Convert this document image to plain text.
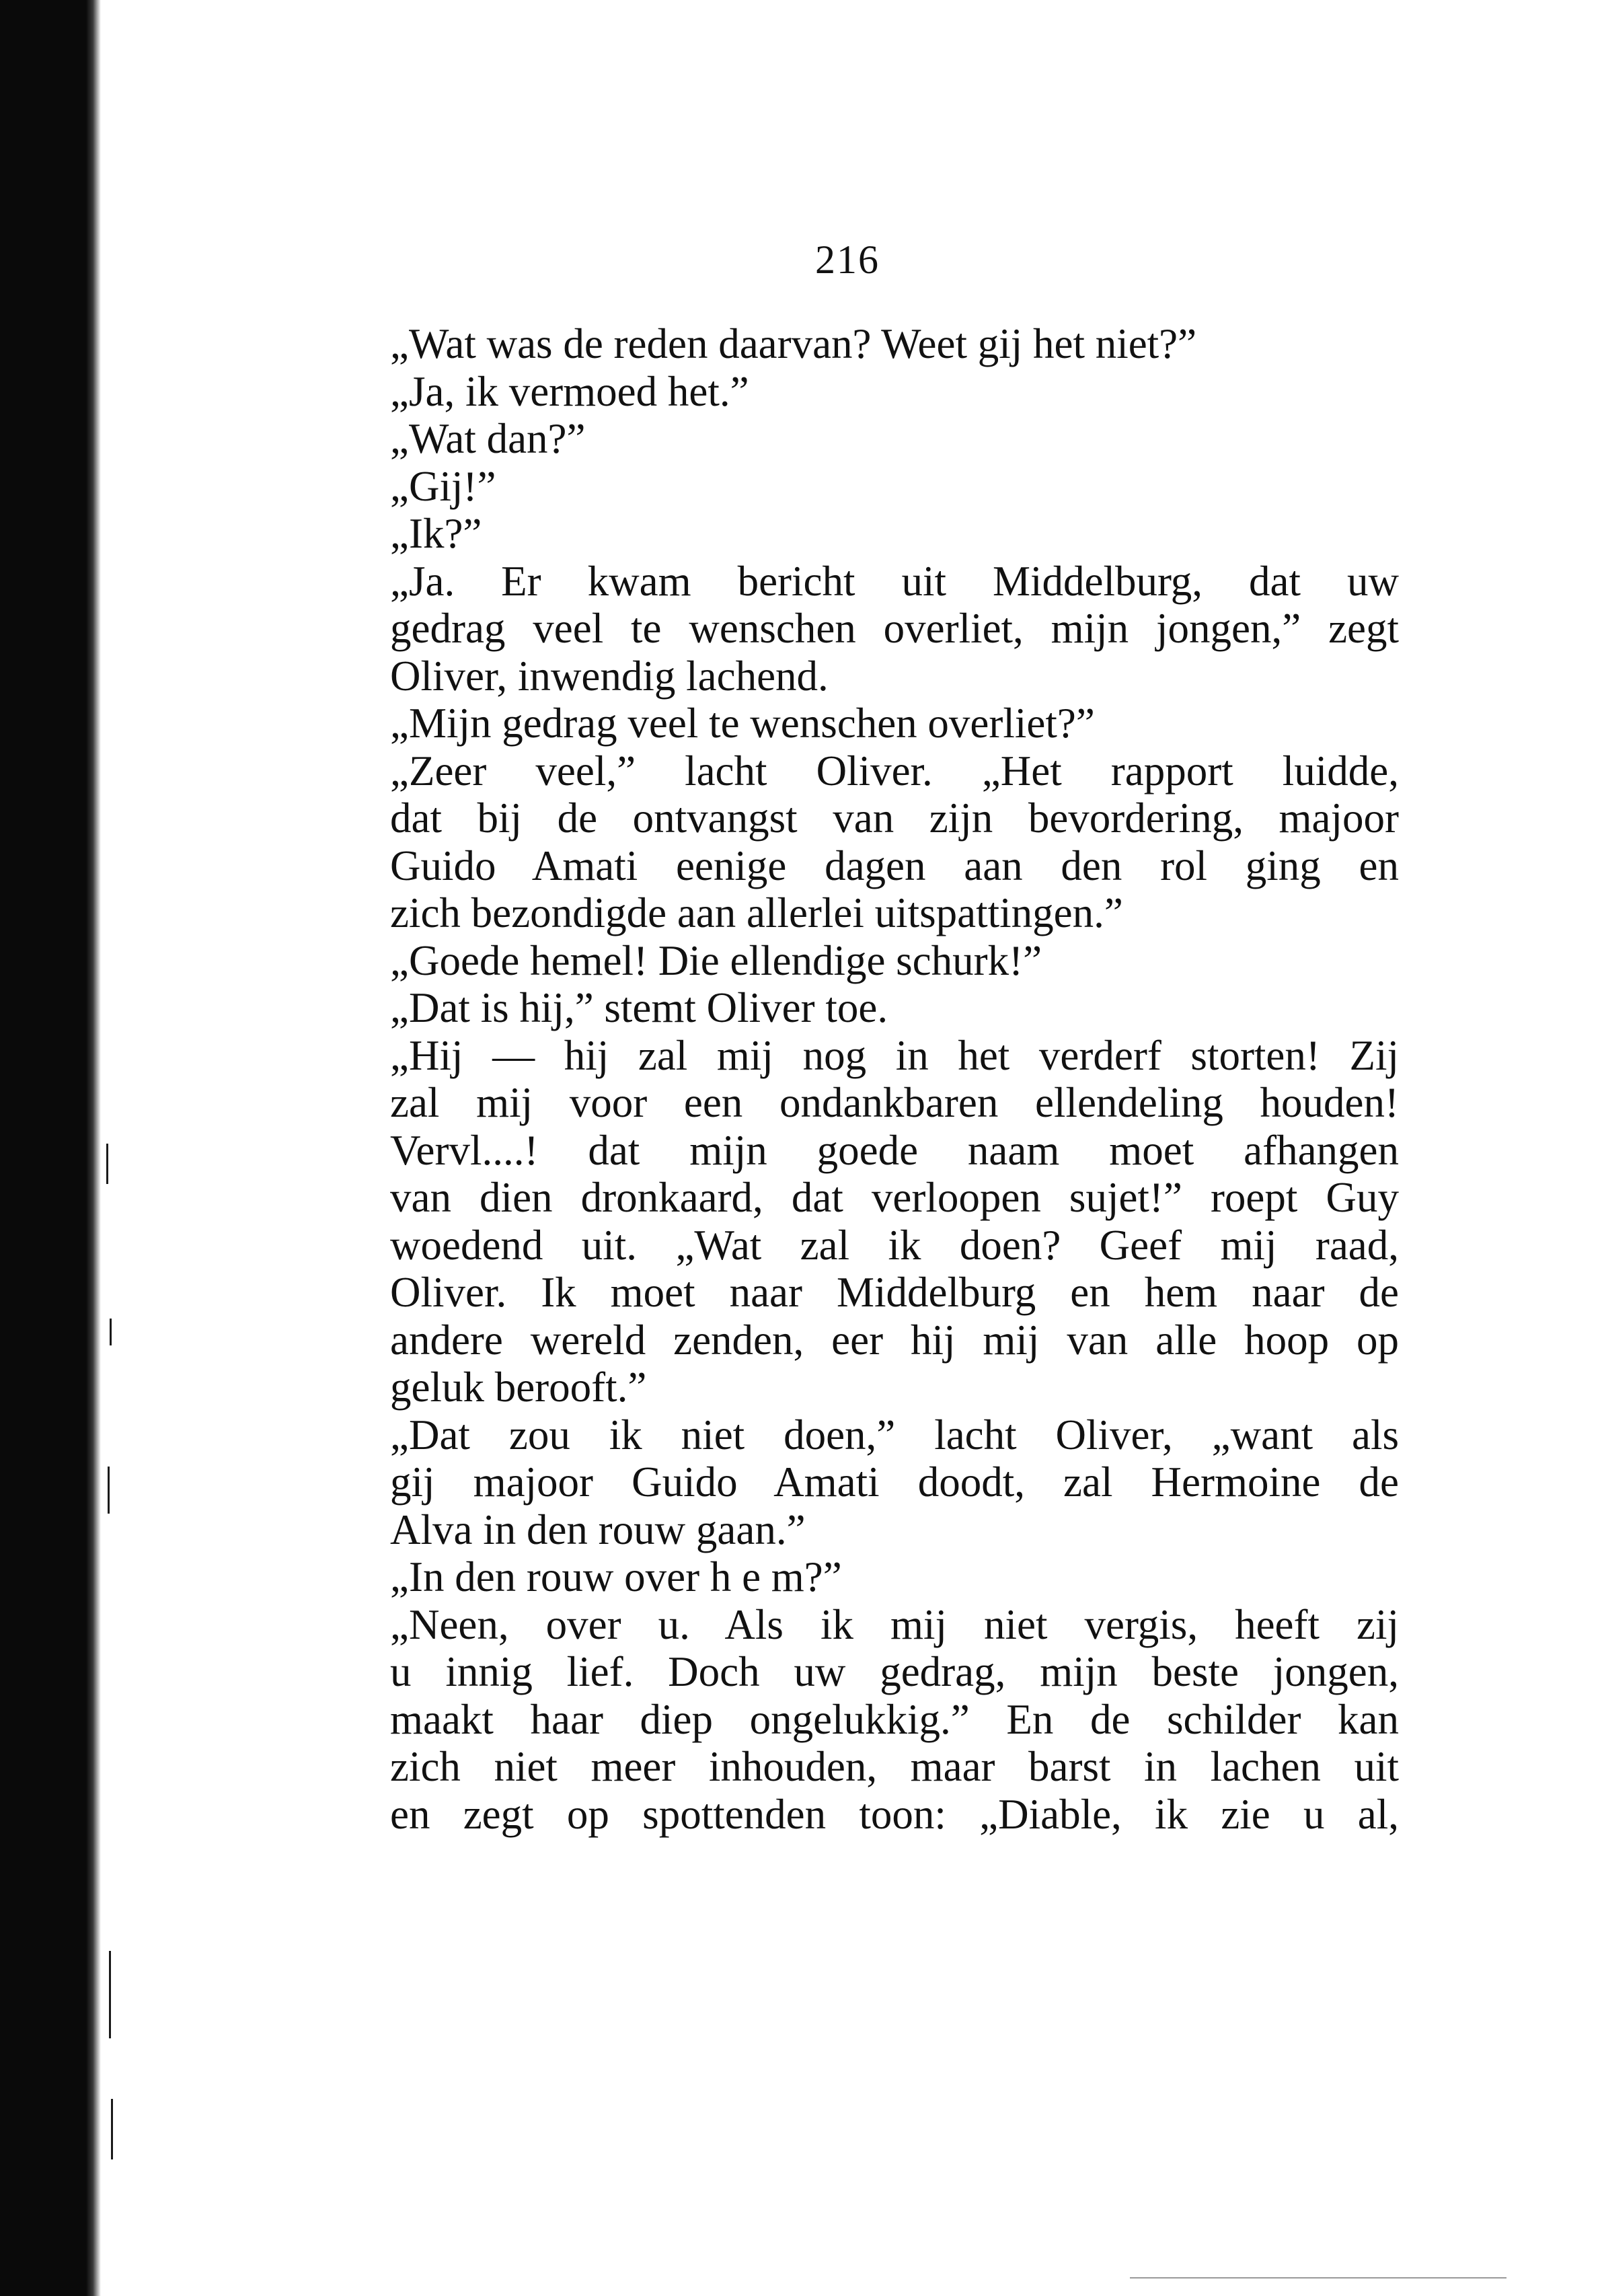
216
„Wat was de reden daarvan? Weet gij het niet?”
„Ja, ik vermoed het.”
„Wat dan?”
„Gij!”
„Ik?”
„Ja. Er kwam bericht uit Middelburg, dat uw
gedrag veel te wenschen overliet, mijn jongen,” zegt
Oliver, inwendig lachend.
„Mijn gedrag veel te wenschen overliet?”
„Zeer veel,” lacht Oliver. „Het rapport luidde,
dat bij de ontvangst van zijn bevordering, majoor
Guido Amati eenige dagen aan den rol ging en
zich bezondigde aan allerlei uitspattingen.”
„Goede hemel! Die ellendige schurk!”
„Dat is hij,” stemt Oliver toe.
„Hij — hij zal mij nog in het verderf storten! Zij
zal mij voor een ondankbaren ellendeling houden!
Vervl....! dat mijn goede naam moet afhangen
van dien dronkaard, dat verloopen sujet!” roept Guy
woedend uit. „Wat zal ik doen? Geef mij raad,
Oliver. Ik moet naar Middelburg en hem naar de
andere wereld zenden, eer hij mij van alle hoop op
geluk berooft.”
„Dat zou ik niet doen,” lacht Oliver, „want als
gij majoor Guido Amati doodt, zal Hermoine de
Alva in den rouw gaan.”
„In den rouw over h e m?”
„Neen, over u. Als ik mij niet vergis, heeft zij
u innig lief. Doch uw gedrag, mijn beste jongen,
maakt haar diep ongelukkig.” En de schilder kan
zich niet meer inhouden, maar barst in lachen uit
en zegt op spottenden toon: „Diable, ik zie u al,
